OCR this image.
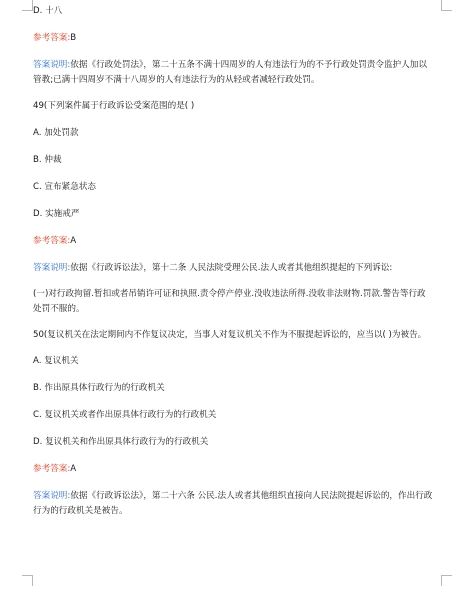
D. 十八
参考答案:B
答案说明:依据《行政处罚法》，第二十五条不满十四周岁的人有违法行为的不予行政处罚责令监护人加以管教;已满十四周岁不满十八周岁的人有违法行为的从轻或者减轻行政处罚。
49(下列案件属于行政诉讼受案范围的是( )
A. 加处罚款
B. 仲裁
C. 宣布紧急状态
D. 实施戒严
参考答案:A
答案说明:依据《行政诉讼法》，第十二条 人民法院受理公民.法人或者其他组织提起的下列诉讼:
(一)对行政拘留.暂扣或者吊销许可证和执照.责令停产停业.没收违法所得.没收非法财物.罚款.警告等行政处罚不服的。
50(复议机关在法定期间内不作复议决定，当事人对复议机关不作为不服提起诉讼的，应当以( )为被告。
A. 复议机关
B. 作出原具体行政行为的行政机关
C. 复议机关或者作出原具体行政行为的行政机关
D. 复议机关和作出原具体行政行为的行政机关
参考答案:A
答案说明:依据《行政诉讼法》，第二十六条 公民.法人或者其他组织直接向人民法院提起诉讼的，作出行政行为的行政机关是被告。
